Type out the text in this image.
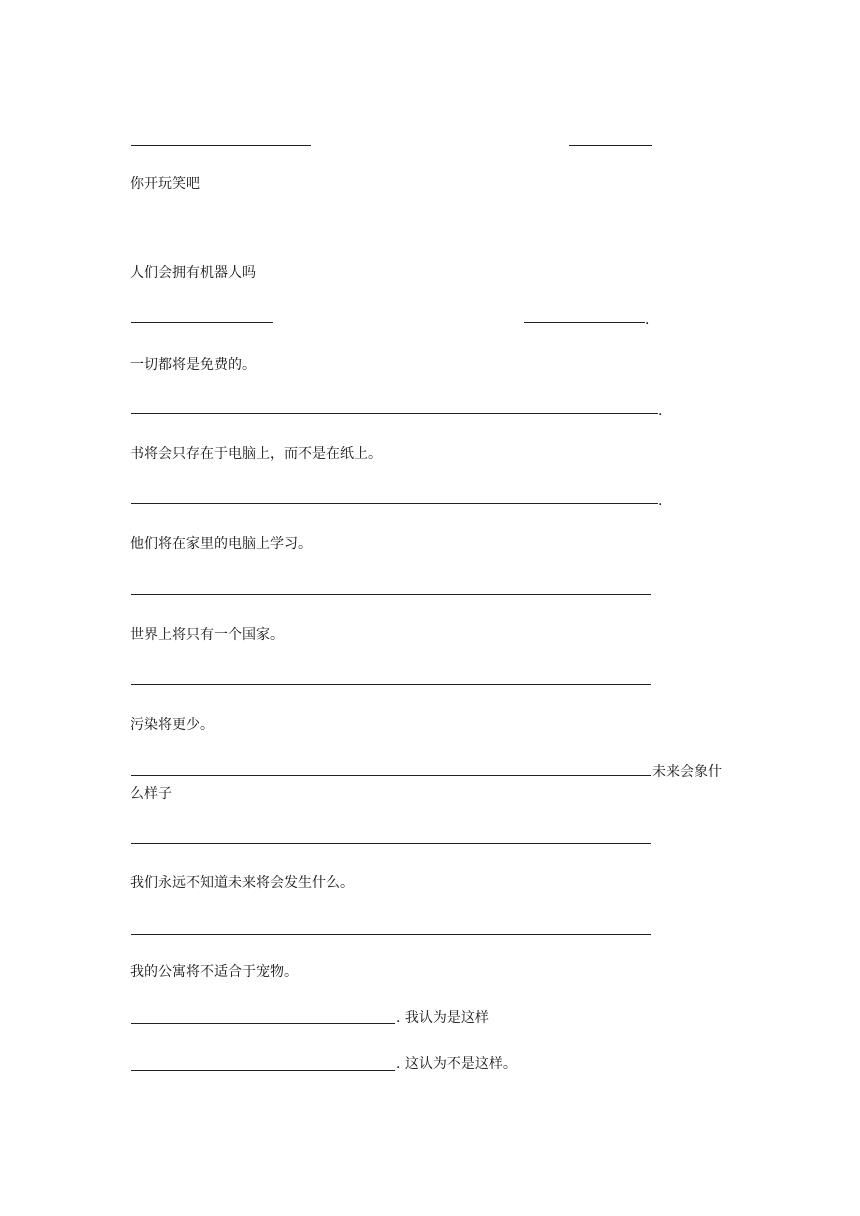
你开玩笑吧
人们会拥有机器人吗
.
一切都将是免费的。
.
书将会只存在于电脑上，而不是在纸上。
.
他们将在家里的电脑上学习。
世界上将只有一个国家。
污染将更少。
未来会象什
么样子
我们永远不知道未来将会发生什么。
我的公寓将不适合于宠物。
. 我认为是这样
. 这认为不是这样。
